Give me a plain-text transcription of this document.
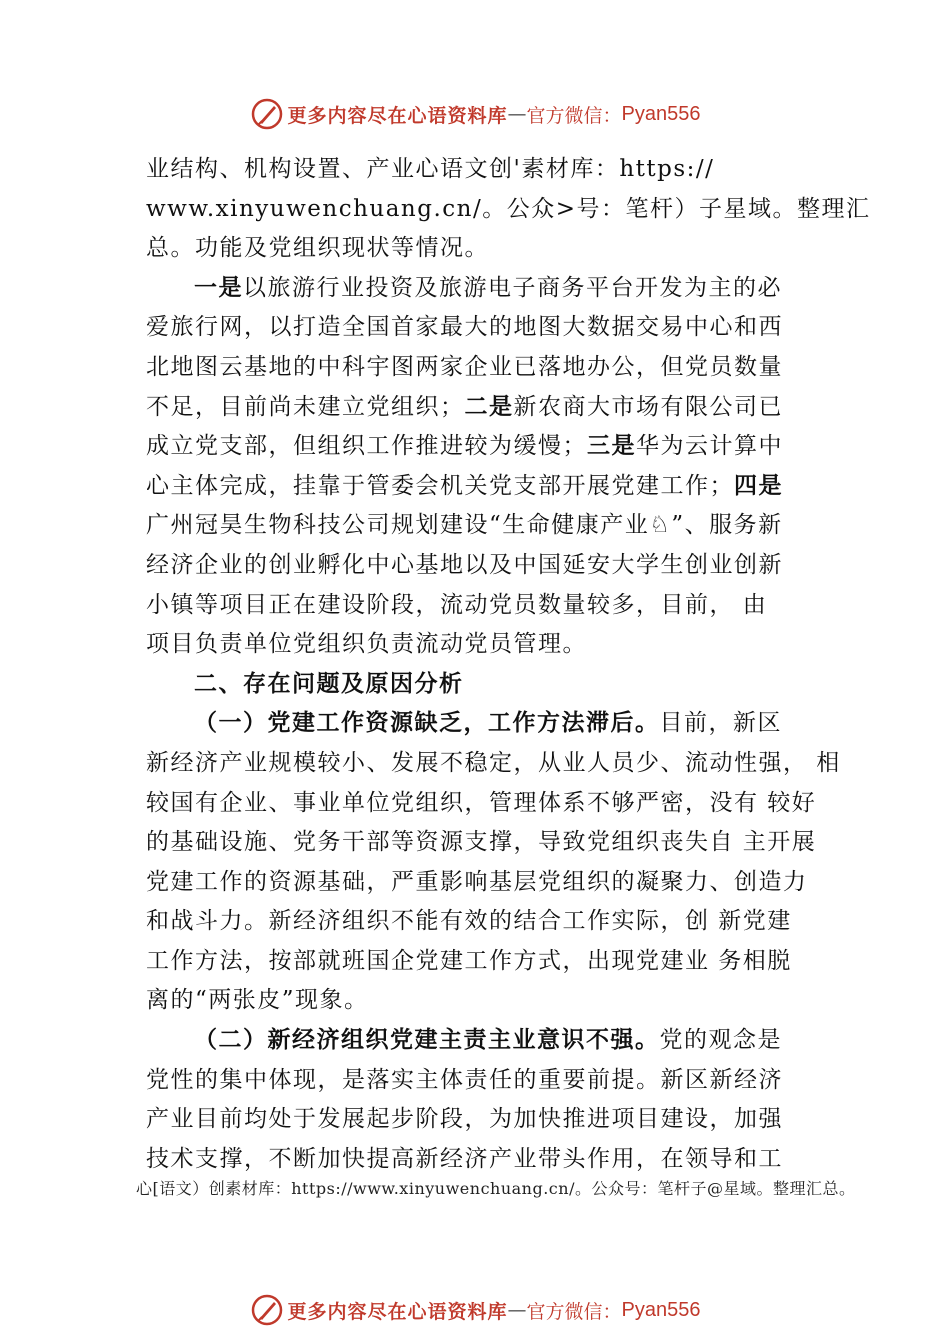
更多内容尽在心语资料库 — 官方微信： Pyan556
业结构、机构设置、产业心语文创'素材库：https://
www.xinyuwenchuang.cn/。公众>号：笔杆）子星域。整理汇
总。功能及党组织现状等情况。
一是以旅游行业投资及旅游电子商务平台开发为主的必
爱旅行网，以打造全国首家最大的地图大数据交易中心和西
北地图云基地的中科宇图两家企业已落地办公，但党员数量
不足，目前尚未建立党组织；二是新农商大市场有限公司已
成立党支部，但组织工作推进较为缓慢；三是华为云计算中
心主体完成，挂靠于管委会机关党支部开展党建工作；四是
广州冠昊生物科技公司规划建设“生命健康产业♘”、服务新
经济企业的创业孵化中心基地以及中国延安大学生创业创新
小镇等项目正在建设阶段，流动党员数量较多，目前， 由
项目负责单位党组织负责流动党员管理。
二、存在问题及原因分析
（一）党建工作资源缺乏，工作方法滞后。目前，新区
新经济产业规模较小、发展不稳定，从业人员少、流动性强， 相
较国有企业、事业单位党组织，管理体系不够严密，没有 较好
的基础设施、党务干部等资源支撑，导致党组织丧失自 主开展
党建工作的资源基础，严重影响基层党组织的凝聚力、创造力
和战斗力。新经济组织不能有效的结合工作实际，创 新党建
工作方法，按部就班国企党建工作方式，出现党建业 务相脱
离的“两张皮”现象。
（二）新经济组织党建主责主业意识不强。党的观念是
党性的集中体现，是落实主体责任的重要前提。新区新经济
产业目前均处于发展起步阶段，为加快推进项目建设，加强
技术支撑，不断加快提高新经济产业带头作用，在领导和工
心[语文）创素材库：https://www.xinyuwenchuang.cn/。公众号：笔杆子@星域。整理汇总。
更多内容尽在心语资料库 — 官方微信： Pyan556
